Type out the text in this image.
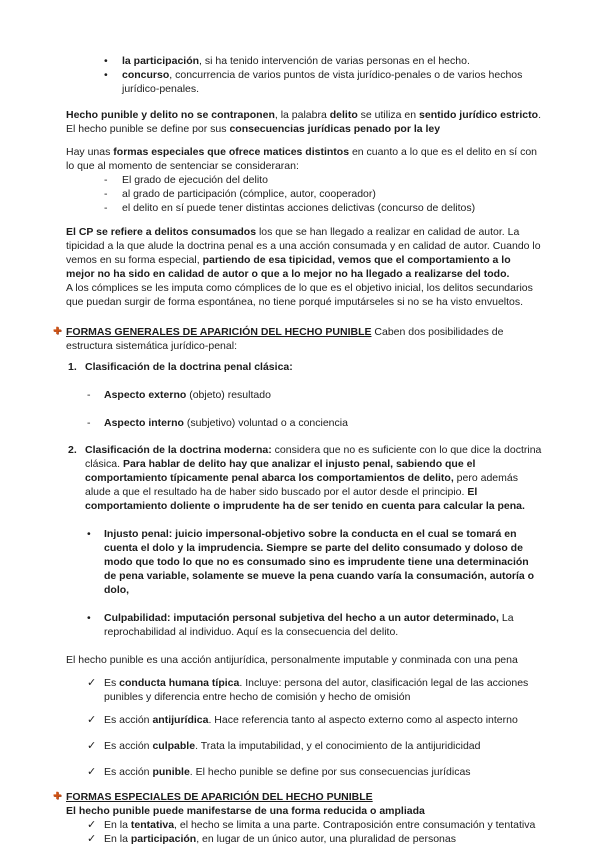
•	la participación, si ha tenido intervención de varias personas en el hecho.
•	concurso, concurrencia de varios puntos de vista jurídico-penales o de varios hechos jurídico-penales.
Hecho punible y delito no se contraponen, la palabra delito se utiliza en sentido jurídico estricto. El hecho punible se define por sus consecuencias jurídicas penado por la ley
Hay unas formas especiales que ofrece matices distintos en cuanto a lo que es el delito en sí con lo que al momento de sentenciar se consideraran:
-	El grado de ejecución del delito
-	al grado de participación (cómplice, autor, cooperador)
-	el delito en sí puede tener distintas acciones delictivas (concurso de delitos)
El CP se refiere a delitos consumados los que se han llegado a realizar en calidad de autor. La tipicidad a la que alude la doctrina penal es a una acción consumada y en calidad de autor. Cuando lo vemos en su forma especial, partiendo de esa tipicidad, vemos que el comportamiento a lo mejor no ha sido en calidad de autor o que a lo mejor no ha llegado a realizarse del todo.
A los cómplices se les imputa como cómplices de lo que es el objetivo inicial, los delitos secundarios que puedan surgir de forma espontánea, no tiene porqué imputárseles si no se ha visto envueltos.
✚ FORMAS GENERALES DE APARICIÓN DEL HECHO PUNIBLE Caben dos posibilidades de estructura sistemática jurídico-penal:
1. Clasificación de la doctrina penal clásica:
-	Aspecto externo (objeto) resultado
-	Aspecto interno (subjetivo) voluntad o a conciencia
2. Clasificación de la doctrina moderna: considera que no es suficiente con lo que dice la doctrina clásica. Para hablar de delito hay que analizar el injusto penal, sabiendo que el comportamiento típicamente penal abarca los comportamientos de delito, pero además alude a que el resultado ha de haber sido buscado por el autor desde el principio. El comportamiento doliente o imprudente ha de ser tenido en cuenta para calcular la pena.
•	Injusto penal: juicio impersonal-objetivo sobre la conducta en el cual se tomará en cuenta el dolo y la imprudencia. Siempre se parte del delito consumado y doloso de modo que todo lo que no es consumado sino es imprudente tiene una determinación de pena variable, solamente se mueve la pena cuando varía la consumación, autoría o dolo,
•	Culpabilidad: imputación personal subjetiva del hecho a un autor determinado, La reprochabilidad al individuo. Aquí es la consecuencia del delito.
El hecho punible es una acción antijurídica, personalmente imputable y conminada con una pena
✓ Es conducta humana típica. Incluye: persona del autor, clasificación legal de las acciones punibles y diferencia entre hecho de comisión y hecho de omisión
✓ Es acción antijurídica. Hace referencia tanto al aspecto externo como al aspecto interno
✓ Es acción culpable. Trata la imputabilidad, y el conocimiento de la antijuridicidad
✓ Es acción punible. El hecho punible se define por sus consecuencias jurídicas
✚ FORMAS ESPECIALES DE APARICIÓN DEL HECHO PUNIBLE
El hecho punible puede manifestarse de una forma reducida o ampliada
✓ En la tentativa, el hecho se limita a una parte. Contraposición entre consumación y tentativa
✓ En la participación, en lugar de un único autor, una pluralidad de personas
